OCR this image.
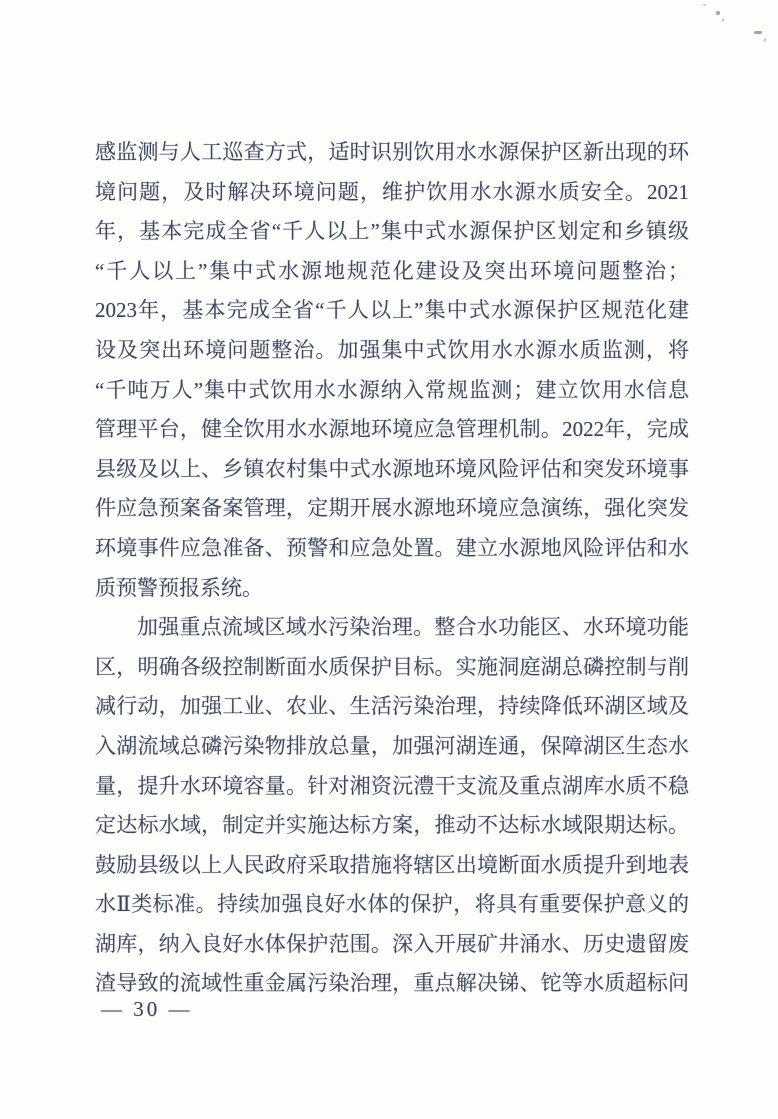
感监测与人工巡查方式，适时识别饮用水水源保护区新出现的环
境问题，及时解决环境问题，维护饮用水水源水质安全。2021
年，基本完成全省“千人以上”集中式水源保护区划定和乡镇级
“千人以上”集中式水源地规范化建设及突出环境问题整治；
2023年，基本完成全省“千人以上”集中式水源保护区规范化建
设及突出环境问题整治。加强集中式饮用水水源水质监测，将
“千吨万人”集中式饮用水水源纳入常规监测；建立饮用水信息
管理平台，健全饮用水水源地环境应急管理机制。2022年，完成
县级及以上、乡镇农村集中式水源地环境风险评估和突发环境事
件应急预案备案管理，定期开展水源地环境应急演练，强化突发
环境事件应急准备、预警和应急处置。建立水源地风险评估和水
质预警预报系统。
加强重点流域区域水污染治理。整合水功能区、水环境功能
区，明确各级控制断面水质保护目标。实施洞庭湖总磷控制与削
减行动，加强工业、农业、生活污染治理，持续降低环湖区域及
入湖流域总磷污染物排放总量，加强河湖连通，保障湖区生态水
量，提升水环境容量。针对湘资沅澧干支流及重点湖库水质不稳
定达标水域，制定并实施达标方案，推动不达标水域限期达标。
鼓励县级以上人民政府采取措施将辖区出境断面水质提升到地表
水Ⅱ类标准。持续加强良好水体的保护，将具有重要保护意义的
湖库，纳入良好水体保护范围。深入开展矿井涌水、历史遗留废
渣导致的流域性重金属污染治理，重点解决锑、铊等水质超标问
— 30 —
